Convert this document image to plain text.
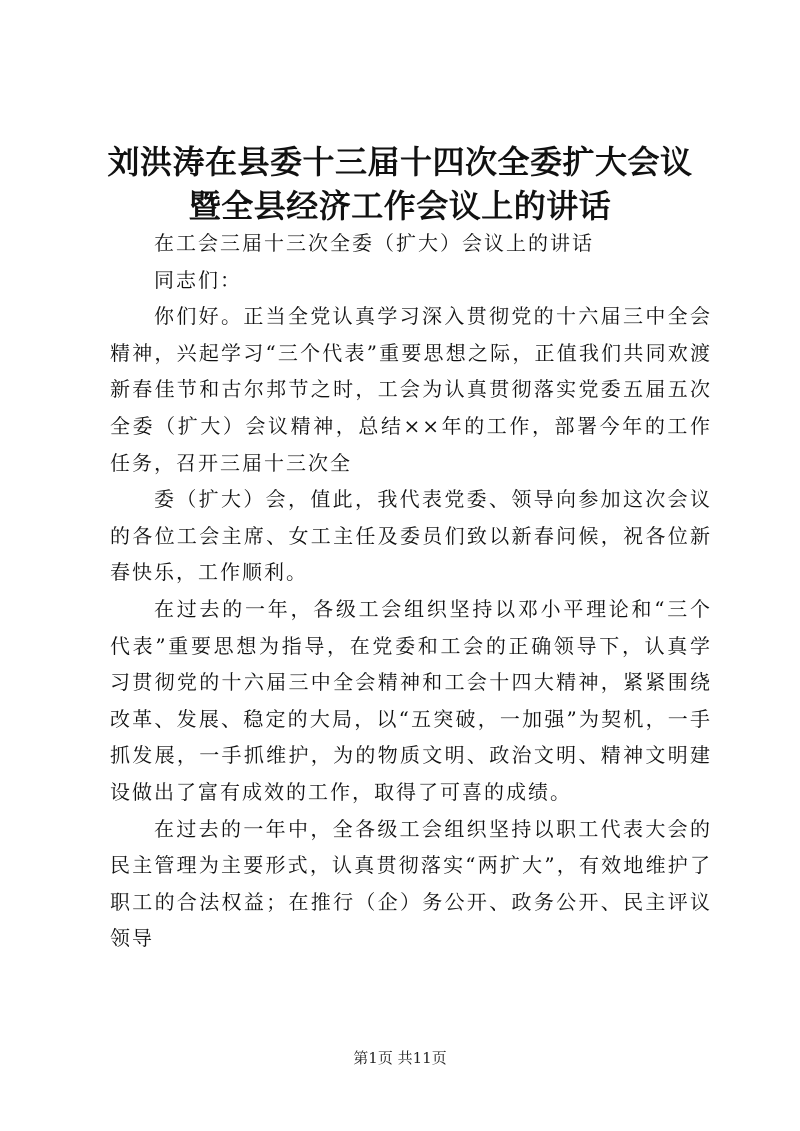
刘洪涛在县委十三届十四次全委扩大会议暨全县经济工作会议上的讲话

在工会三届十三次全委（扩大）会议上的讲话

同志们：

你们好。正当全党认真学习深入贯彻党的十六届三中全会精神，兴起学习“三个代表”重要思想之际，正值我们共同欢渡新春佳节和古尔邦节之时，工会为认真贯彻落实党委五届五次全委（扩大）会议精神，总结××年的工作，部署今年的工作任务，召开三届十三次全

委（扩大）会，值此，我代表党委、领导向参加这次会议的各位工会主席、女工主任及委员们致以新春问候，祝各位新春快乐，工作顺利。

在过去的一年，各级工会组织坚持以邓小平理论和“三个代表”重要思想为指导，在党委和工会的正确领导下，认真学习贯彻党的十六届三中全会精神和工会十四大精神，紧紧围绕改革、发展、稳定的大局，以“五突破，一加强”为契机，一手抓发展，一手抓维护，为的物质文明、政治文明、精神文明建设做出了富有成效的工作，取得了可喜的成绩。

在过去的一年中，全各级工会组织坚持以职工代表大会的民主管理为主要形式，认真贯彻落实“两扩大”，有效地维护了职工的合法权益；在推行（企）务公开、政务公开、民主评议领导

第1页 共11页
